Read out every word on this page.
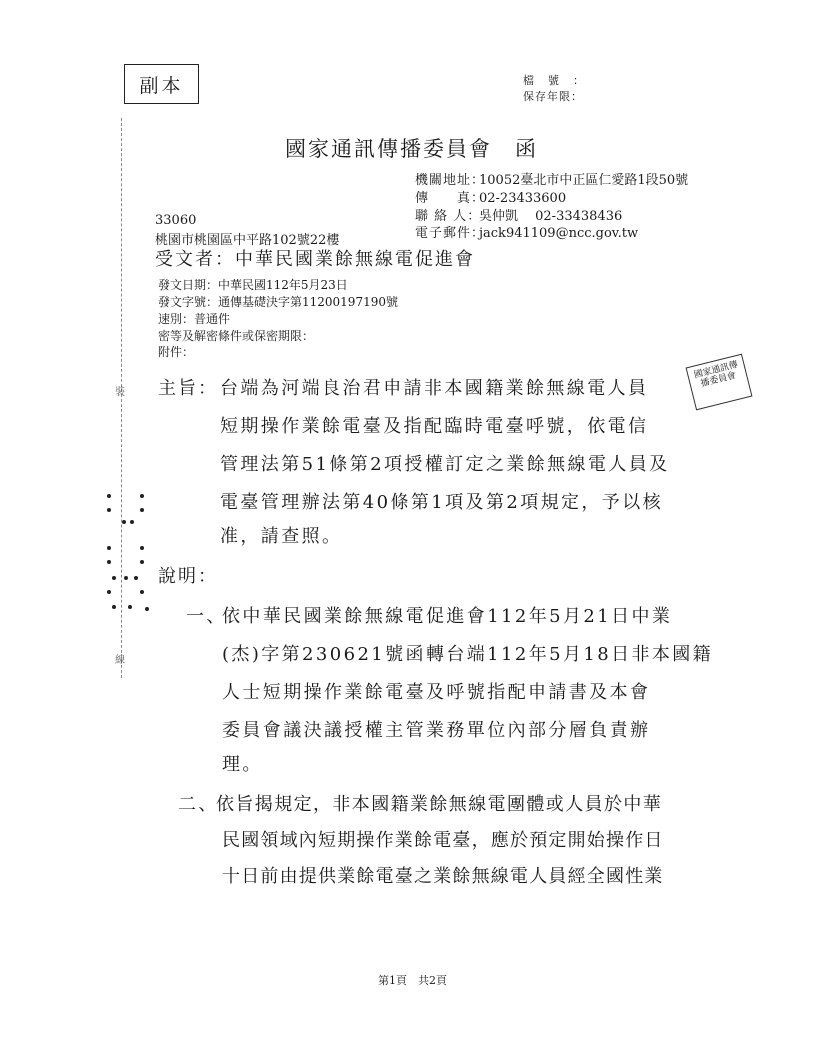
副本	檔號：
保存年限：
裝
線
國家通訊傳播委員會　函
機關地址：10052臺北市中正區仁愛路1段50號
傳　　真：02-23433600
聯 絡 人：吳仲凱　 02-33438436
電子郵件：jack941109@ncc.gov.tw
33060
桃園市桃園區中平路102號22樓
受文者：中華民國業餘無線電促進會
發文日期：中華民國112年5月23日
發文字號：通傳基礎決字第11200197190號
速別：普通件
密等及解密條件或保密期限：
附件：
國家通訊傳播委員會
主旨： 台端為河端良治君申請非本國籍業餘無線電人員
短期操作業餘電臺及指配臨時電臺呼號，依電信
管理法第51條第2項授權訂定之業餘無線電人員及
電臺管理辦法第40條第1項及第2項規定，予以核
准，請查照。
說明：
一、
依中華民國業餘無線電促進會112年5月21日中業
(杰)字第230621號函轉台端112年5月18日非本國籍
人士短期操作業餘電臺及呼號指配申請書及本會
委員會議決議授權主管業務單位內部分層負責辦
理。
二、
依旨揭規定，非本國籍業餘無線電團體或人員於中華
民國領域內短期操作業餘電臺，應於預定開始操作日
十日前由提供業餘電臺之業餘無線電人員經全國性業
第1頁　共2頁
